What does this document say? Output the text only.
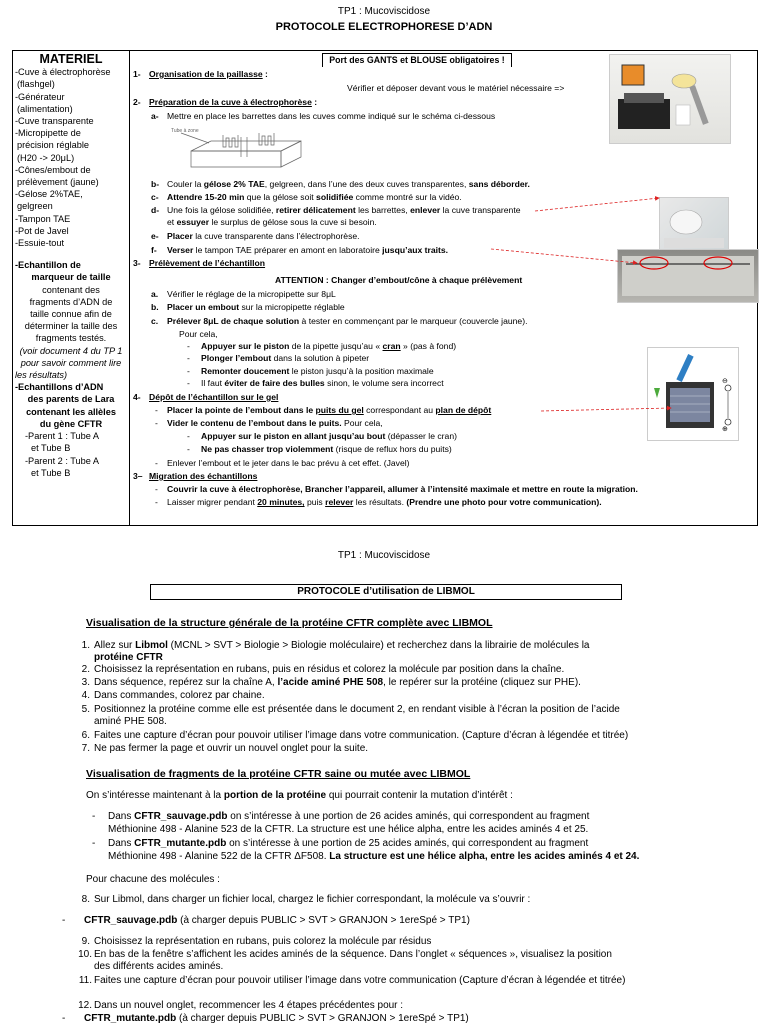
TP1 : Mucoviscidose
PROTOCOLE ELECTROPHORESE D’ADN
MATERIEL
-Cuve à électrophorèse
(flashgel)
-Générateur
(alimentation)
-Cuve transparente
-Micropipette de
précision réglable
(H20 -> 20μL)
-Cônes/embout de
prélèvement (jaune)
-Gélose 2%TAE,
gelgreen
-Tampon TAE
-Pot de Javel
-Essuie-tout
-Echantillon de
marqueur de taille
contenant des
fragments d’ADN de
taille connue afin de
déterminer la taille des
fragments testés.
(voir document 4 du TP 1
pour savoir comment lire
les résultats)
-Echantillons d’ADN
des parents de Lara
contenant les allèles
du gène CFTR
-Parent 1 : Tube A
et Tube B
-Parent 2 : Tube A
et Tube B
Port des GANTS et BLOUSE obligatoires !
1- Organisation de la paillasse :
Vérifier et déposer devant vous le matériel nécessaire =>
2- Préparation de la cuve à électrophorèse :
a- Mettre en place les barrettes dans les cuves comme indiqué sur le schéma ci-dessous
Tube à zone
b- Couler la gélose 2% TAE, gelgreen, dans l’une des deux cuves transparentes, sans déborder.
c- Attendre 15-20 min que la gélose soit solidifiée comme montré sur la vidéo.
d- Une fois la gélose solidifiée, retirer délicatement les barrettes, enlever la cuve transparente
et essuyer le surplus de gélose sous la cuve si besoin.
e- Placer la cuve transparente dans l’électrophorèse.
f- Verser le tampon TAE préparer en amont en laboratoire jusqu’aux traits.
3- Prélèvement de l’échantillon
ATTENTION : Changer d’embout/cône à chaque prélèvement
a. Vérifier le réglage de la micropipette sur 8μL
b. Placer un embout sur la micropipette réglable
c. Prélever 8μL de chaque solution à tester en commençant par le marqueur (couvercle jaune).
Pour cela,
- Appuyer sur le piston de la pipette jusqu’au « cran » (pas à fond)
- Plonger l’embout dans la solution à pipeter
- Remonter doucement le piston jusqu’à la position maximale
- Il faut éviter de faire des bulles sinon, le volume sera incorrect
4- Dépôt de l’échantillon sur le gel
- Placer la pointe de l’embout dans le puits du gel correspondant au plan de dépôt
- Vider le contenu de l’embout dans le puits. Pour cela,
- Appuyer sur le piston en allant jusqu’au bout (dépasser le cran)
- Ne pas chasser trop violemment (risque de reflux hors du puits)
- Enlever l’embout et le jeter dans le bac prévu à cet effet. (Javel)
3– Migration des échantillons
- Couvrir la cuve à électrophorèse, Brancher l’appareil, allumer à l’intensité maximale et mettre en route la migration.
- Laisser migrer pendant 20 minutes, puis relever les résultats. (Prendre une photo pour votre communication).
⊖
⊕
TP1 : Mucoviscidose
PROTOCOLE d’utilisation de LIBMOL
Visualisation de la structure générale de la protéine CFTR complète avec LIBMOL
1. Allez sur Libmol (MCNL > SVT > Biologie > Biologie moléculaire) et recherchez dans la librairie de molécules la
protéine CFTR
2. Choisissez la représentation en rubans, puis en résidus et colorez la molécule par position dans la chaîne.
3. Dans séquence, repérez sur la chaîne A, l’acide aminé PHE 508, le repérer sur la protéine (cliquez sur PHE).
4. Dans commandes, colorez par chaine.
5. Positionnez la protéine comme elle est présentée dans le document 2, en rendant visible à l’écran la position de l’acide
aminé PHE 508.
6. Faites une capture d’écran pour pouvoir utiliser l’image dans votre communication. (Capture d’écran à légendée et titrée)
7. Ne pas fermer la page et ouvrir un nouvel onglet pour la suite.
Visualisation de fragments de la protéine CFTR saine ou mutée avec LIBMOL
On s’intéresse maintenant à la portion de la protéine qui pourrait contenir la mutation d’intérêt :
- Dans CFTR_sauvage.pdb on s’intéresse à une portion de 26 acides aminés, qui correspondent au fragment
Méthionine 498 - Alanine 523 de la CFTR. La structure est une hélice alpha, entre les acides aminés 4 et 25.
- Dans CFTR_mutante.pdb on s’intéresse à une portion de 25 acides aminés, qui correspondent au fragment
Méthionine 498 - Alanine 522 de la CFTR ΔF508. La structure est une hélice alpha, entre les acides aminés 4 et 24.
Pour chacune des molécules :
8. Sur Libmol, dans charger un fichier local, chargez le fichier correspondant, la molécule va s’ouvrir :
- CFTR_sauvage.pdb (à charger depuis PUBLIC > SVT > GRANJON > 1ereSpé > TP1)
9. Choisissez la représentation en rubans, puis colorez la molécule par résidus
10. En bas de la fenêtre s’affichent les acides aminés de la séquence. Dans l’onglet « séquences », visualisez la position
des différents acides aminés.
11. Faites une capture d’écran pour pouvoir utiliser l’image dans votre communication (Capture d’écran à légendée et titrée)
12. Dans un nouvel onglet, recommencer les 4 étapes précédentes pour :
- CFTR_mutante.pdb (à charger depuis PUBLIC > SVT > GRANJON > 1ereSpé > TP1)
